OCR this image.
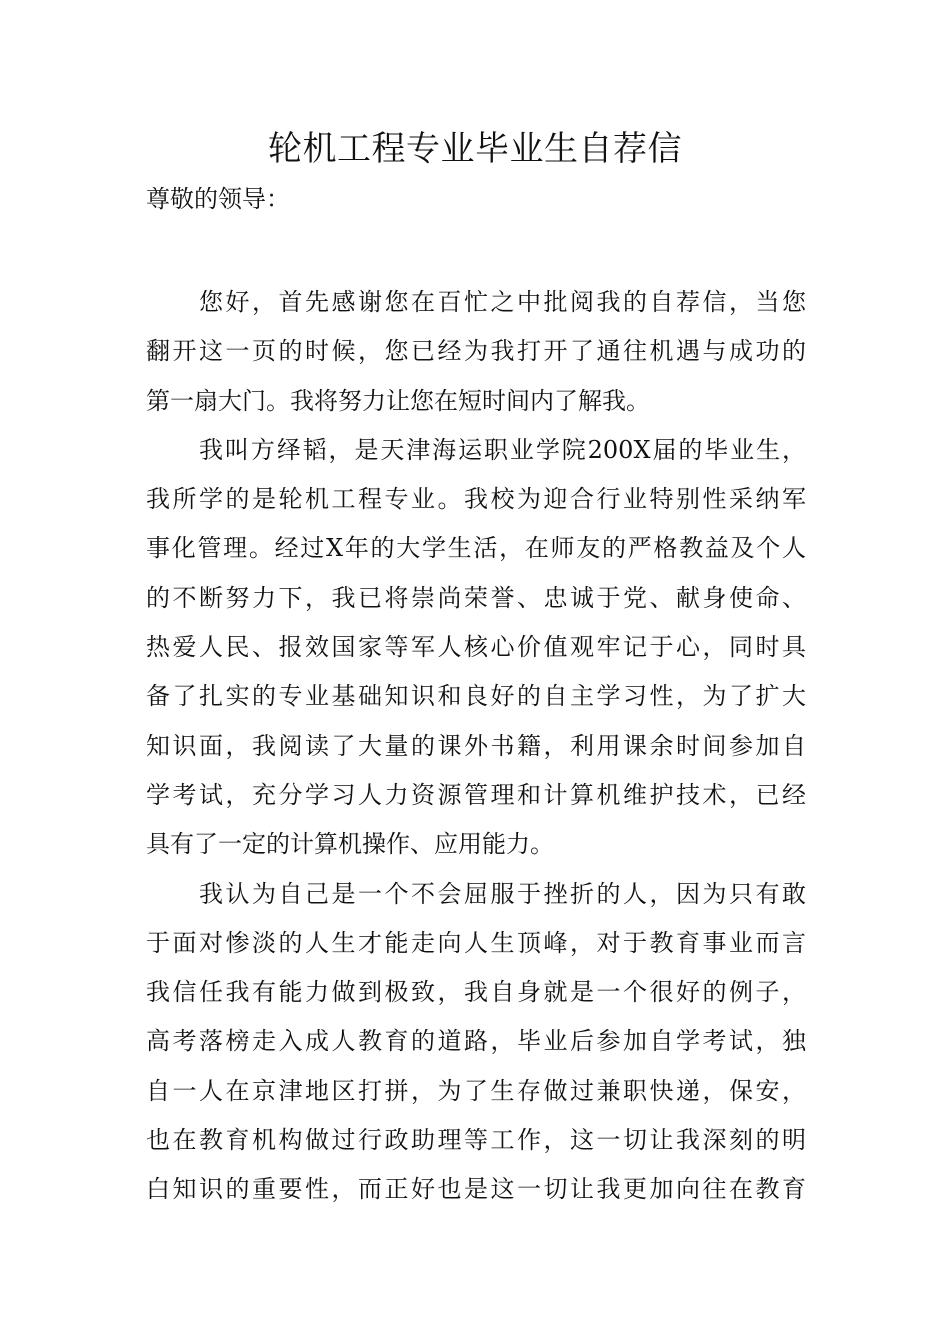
轮机工程专业毕业生自荐信

尊敬的领导：

您好，首先感谢您在百忙之中批阅我的自荐信，当您
翻开这一页的时候，您已经为我打开了通往机遇与成功的
第一扇大门。我将努力让您在短时间内了解我。

我叫方绎韬，是天津海运职业学院200X届的毕业生，
我所学的是轮机工程专业。我校为迎合行业特别性采纳军
事化管理。经过X年的大学生活，在师友的严格教益及个人
的不断努力下，我已将崇尚荣誉、忠诚于党、献身使命、
热爱人民、报效国家等军人核心价值观牢记于心，同时具
备了扎实的专业基础知识和良好的自主学习性，为了扩大
知识面，我阅读了大量的课外书籍，利用课余时间参加自
学考试，充分学习人力资源管理和计算机维护技术，已经
具有了一定的计算机操作、应用能力。

我认为自己是一个不会屈服于挫折的人，因为只有敢
于面对惨淡的人生才能走向人生顶峰，对于教育事业而言
我信任我有能力做到极致，我自身就是一个很好的例子，
高考落榜走入成人教育的道路，毕业后参加自学考试，独
自一人在京津地区打拼，为了生存做过兼职快递，保安，
也在教育机构做过行政助理等工作，这一切让我深刻的明
白知识的重要性，而正好也是这一切让我更加向往在教育
